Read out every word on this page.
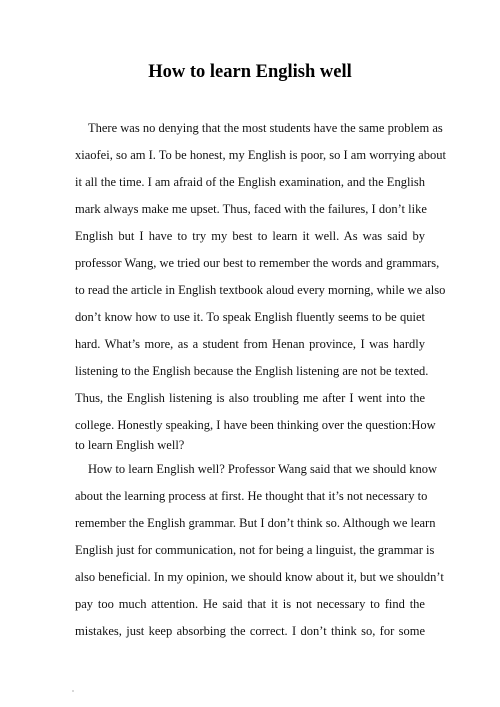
How to learn English well
There was no denying that the most students have the same problem as
xiaofei, so am I. To be honest, my English is poor, so I am worrying about
it all the time. I am afraid of the English examination, and the English
mark always make me upset. Thus, faced with the failures, I don’t like
English but I have to try my best to learn it well. As was said by
professor Wang, we tried our best to remember the words and grammars,
to read the article in English textbook aloud every morning, while we also
don’t know how to use it. To speak English fluently seems to be quiet
hard. What’s more, as a student from Henan province, I was hardly
listening to the English because the English listening are not be texted.
Thus, the English listening is also troubling me after I went into the
college. Honestly speaking, I have been thinking over the question:How
to learn English well?
How to learn English well? Professor Wang said that we should know
about the learning process at first. He thought that it’s not necessary to
remember the English grammar. But I don’t think so. Although we learn
English just for communication, not for being a linguist, the grammar is
also beneficial. In my opinion, we should know about it, but we shouldn’t
pay too much attention. He said that it is not necessary to find the
mistakes, just keep absorbing the correct. I don’t think so, for some
